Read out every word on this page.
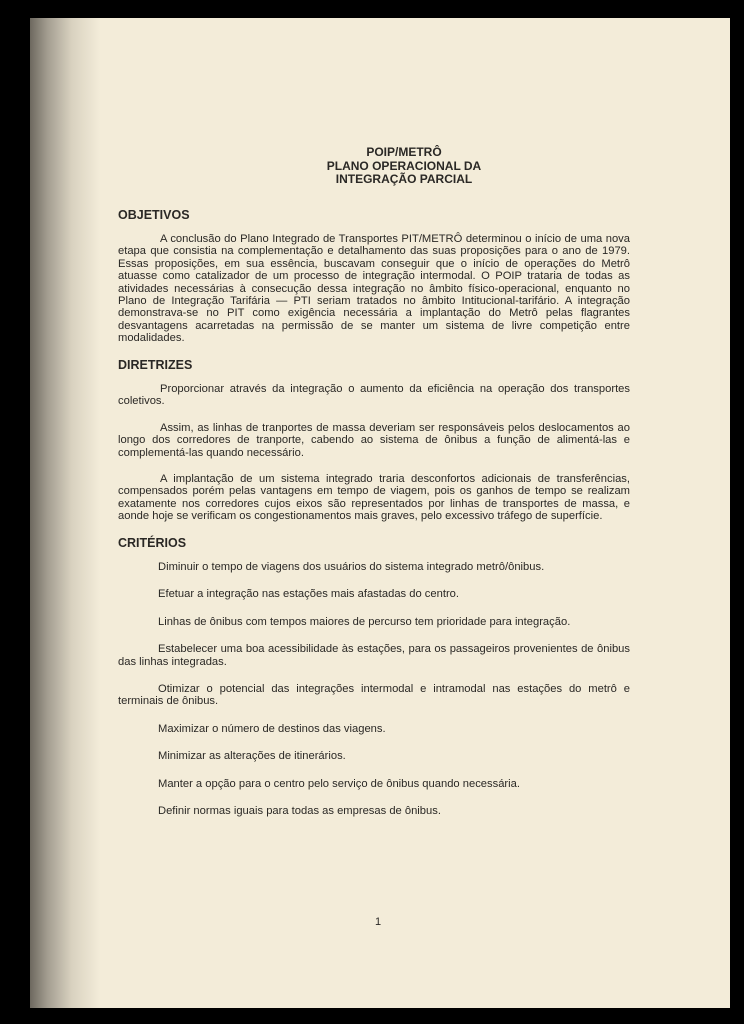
POIP/METRÔ
PLANO OPERACIONAL DA
INTEGRAÇÃO PARCIAL
OBJETIVOS

A conclusão do Plano Integrado de Transportes PIT/METRÔ determinou o início de uma nova etapa que consistia na complementação e detalhamento das suas proposições para o ano de 1979. Essas proposições, em sua essência, buscavam conseguir que o início de operações do Metrô atuasse como catalizador de um processo de integração intermodal. O POIP trataria de todas as atividades necessárias à consecução dessa integração no âmbito físico-operacional, enquanto no Plano de Integração Tarifária — PTI seriam tratados no âmbito Intitucional-tarifário. A integração demonstrava-se no PIT como exigência necessária a implantação do Metrô pelas flagrantes desvantagens acarretadas na permissão de se manter um sistema de livre competição entre modalidades.

DIRETRIZES

Proporcionar através da integração o aumento da eficiência na operação dos transportes coletivos.

Assim, as linhas de tranportes de massa deveriam ser responsáveis pelos deslocamentos ao longo dos corredores de tranporte, cabendo ao sistema de ônibus a função de alimentá-las e complementá-las quando necessário.

A implantação de um sistema integrado traria desconfortos adicionais de transferências, compensados porém pelas vantagens em tempo de viagem, pois os ganhos de tempo se realizam exatamente nos corredores cujos eixos são representados por linhas de transportes de massa, e aonde hoje se verificam os congestionamentos mais graves, pelo excessivo tráfego de superfície.

CRITÉRIOS

Diminuir o tempo de viagens dos usuários do sistema integrado metrô/ônibus.

Efetuar a integração nas estações mais afastadas do centro.

Linhas de ônibus com tempos maiores de percurso tem prioridade para integração.

Estabelecer uma boa acessibilidade às estações, para os passageiros provenientes de ônibus das linhas integradas.

Otimizar o potencial das integrações intermodal e intramodal nas estações do metrô e terminais de ônibus.

Maximizar o número de destinos das viagens.

Minimizar as alterações de itinerários.

Manter a opção para o centro pelo serviço de ônibus quando necessária.

Definir normas iguais para todas as empresas de ônibus.

1
